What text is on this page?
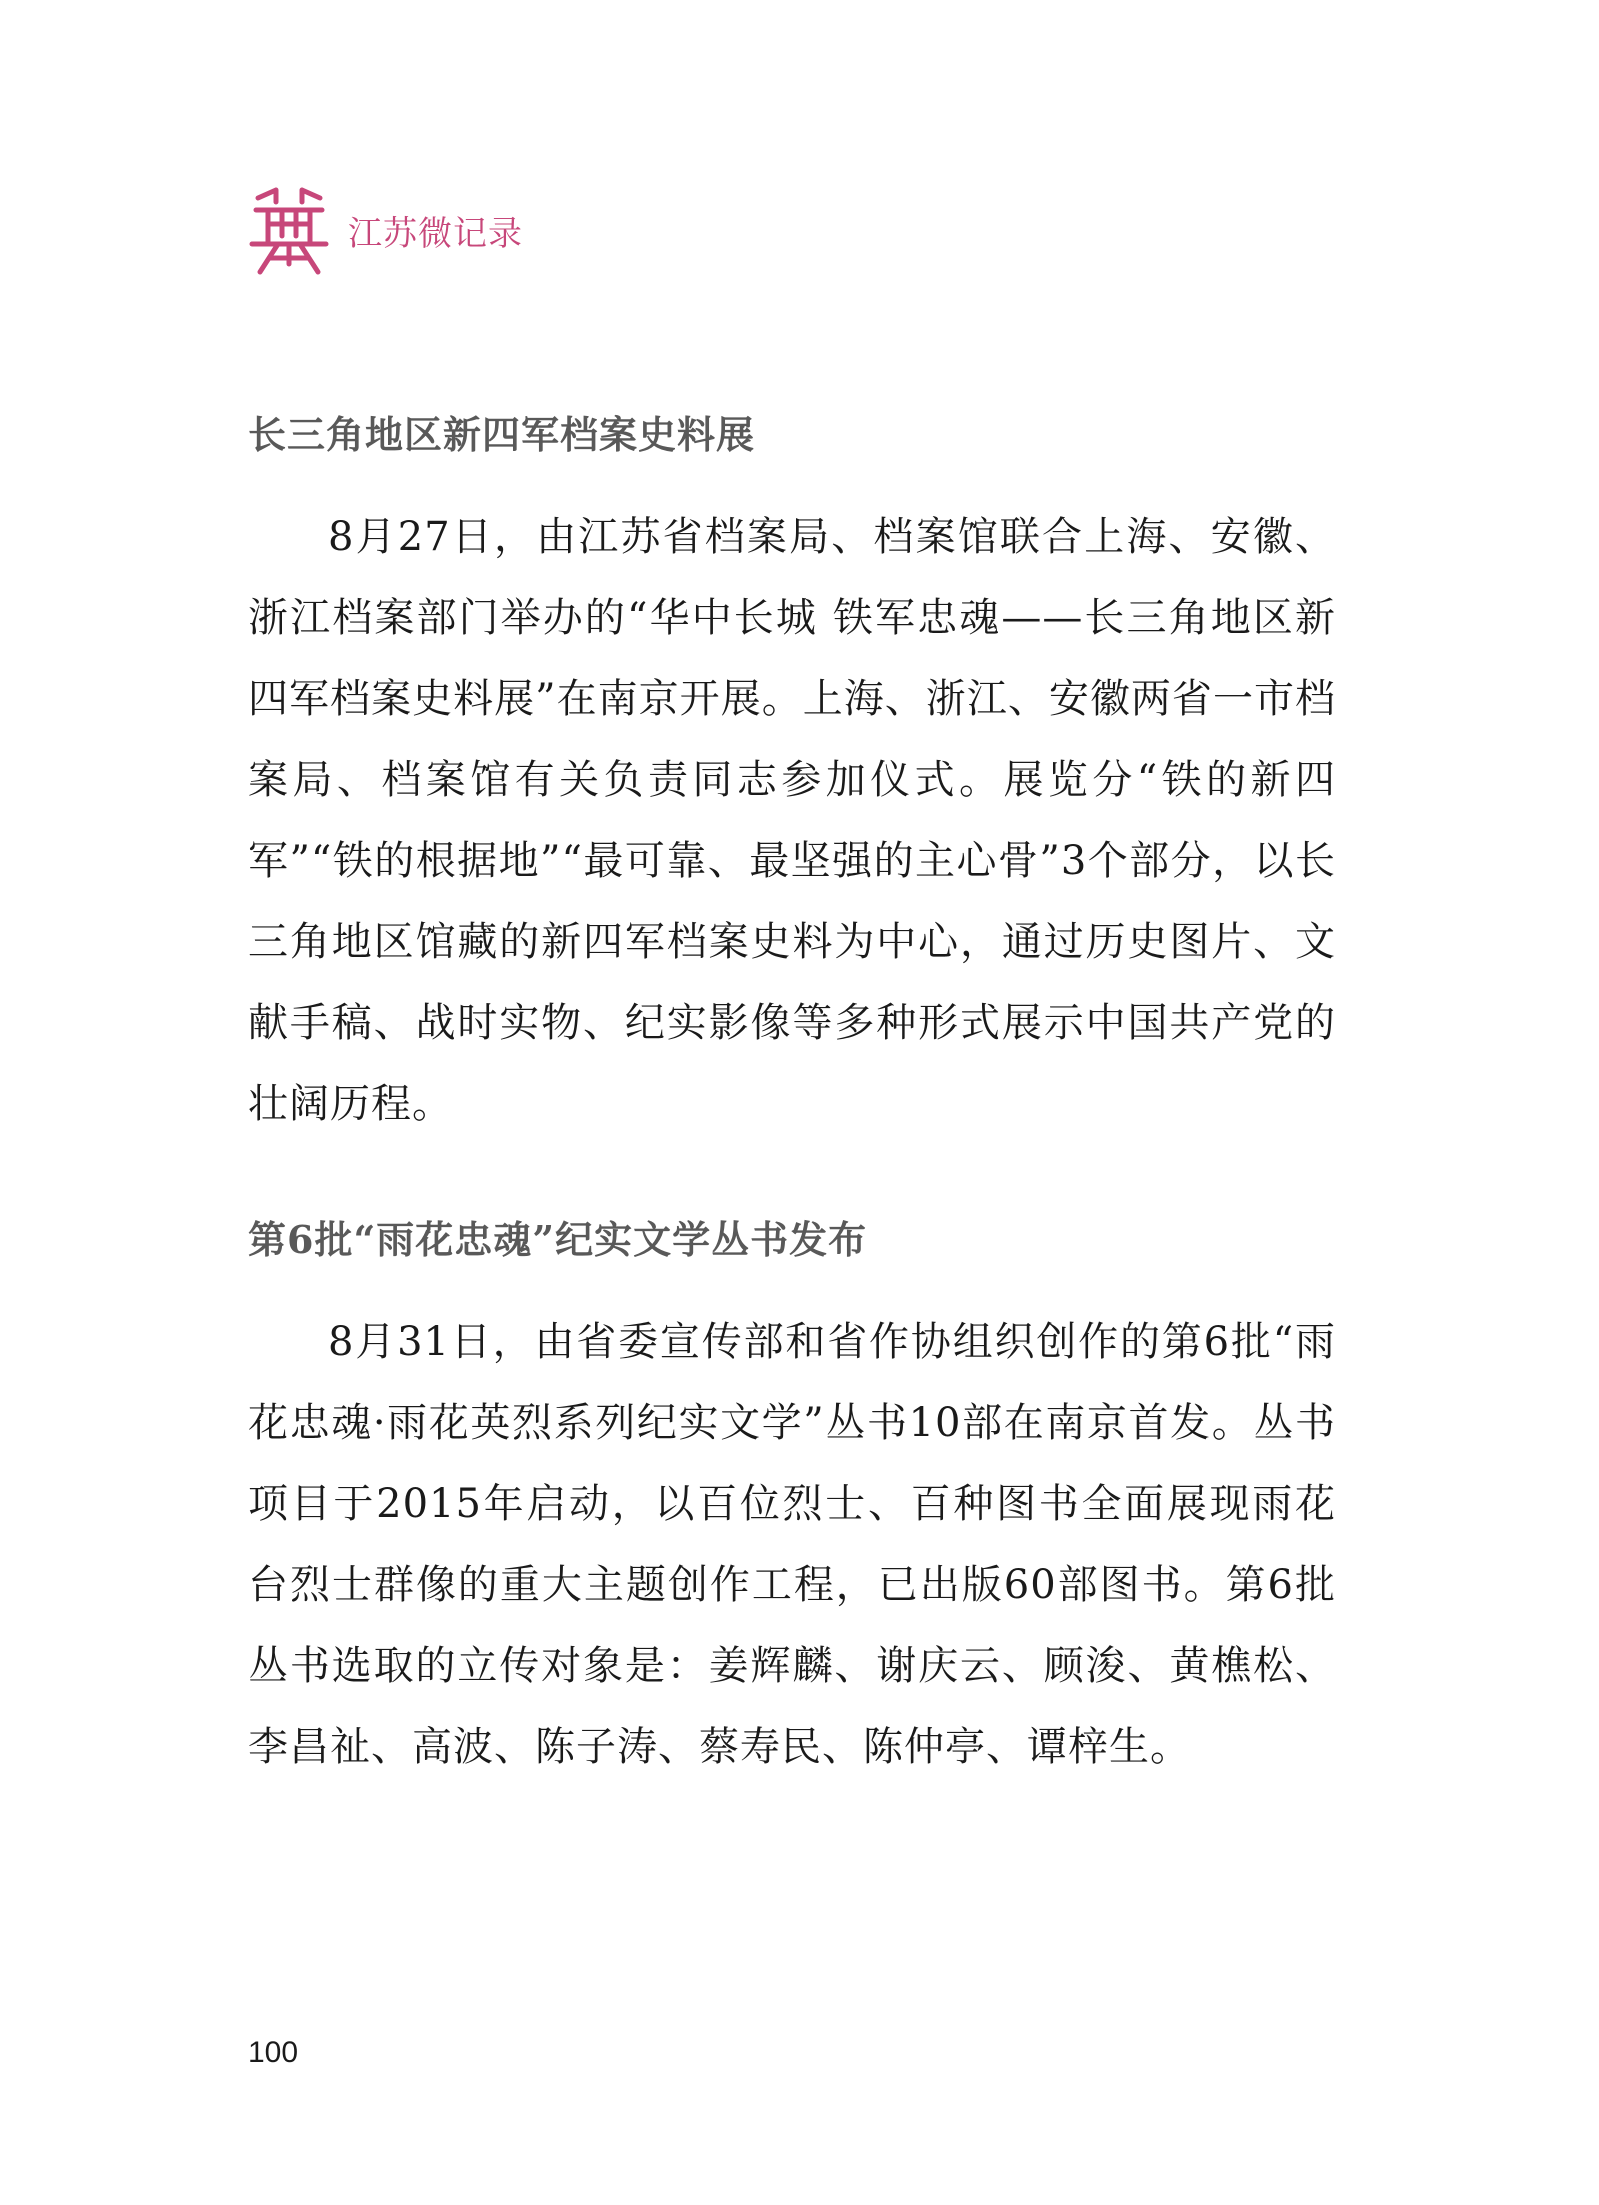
江苏微记录
长三角地区新四军档案史料展

8月27日，由江苏省档案局、档案馆联合上海、安徽、浙江档案部门举办的“华中长城 铁军忠魂——长三角地区新四军档案史料展”在南京开展。上海、浙江、安徽两省一市档案局、档案馆有关负责同志参加仪式。展览分“铁的新四军”“铁的根据地”“最可靠、最坚强的主心骨”3个部分，以长三角地区馆藏的新四军档案史料为中心，通过历史图片、文献手稿、战时实物、纪实影像等多种形式展示中国共产党的壮阔历程。

第6批“雨花忠魂”纪实文学丛书发布

8月31日，由省委宣传部和省作协组织创作的第6批“雨花忠魂·雨花英烈系列纪实文学”丛书10部在南京首发。丛书项目于2015年启动，以百位烈士、百种图书全面展现雨花台烈士群像的重大主题创作工程，已出版60部图书。第6批丛书选取的立传对象是：姜辉麟、谢庆云、顾浚、黄樵松、李昌祉、高波、陈子涛、蔡寿民、陈仲亭、谭梓生。

100
